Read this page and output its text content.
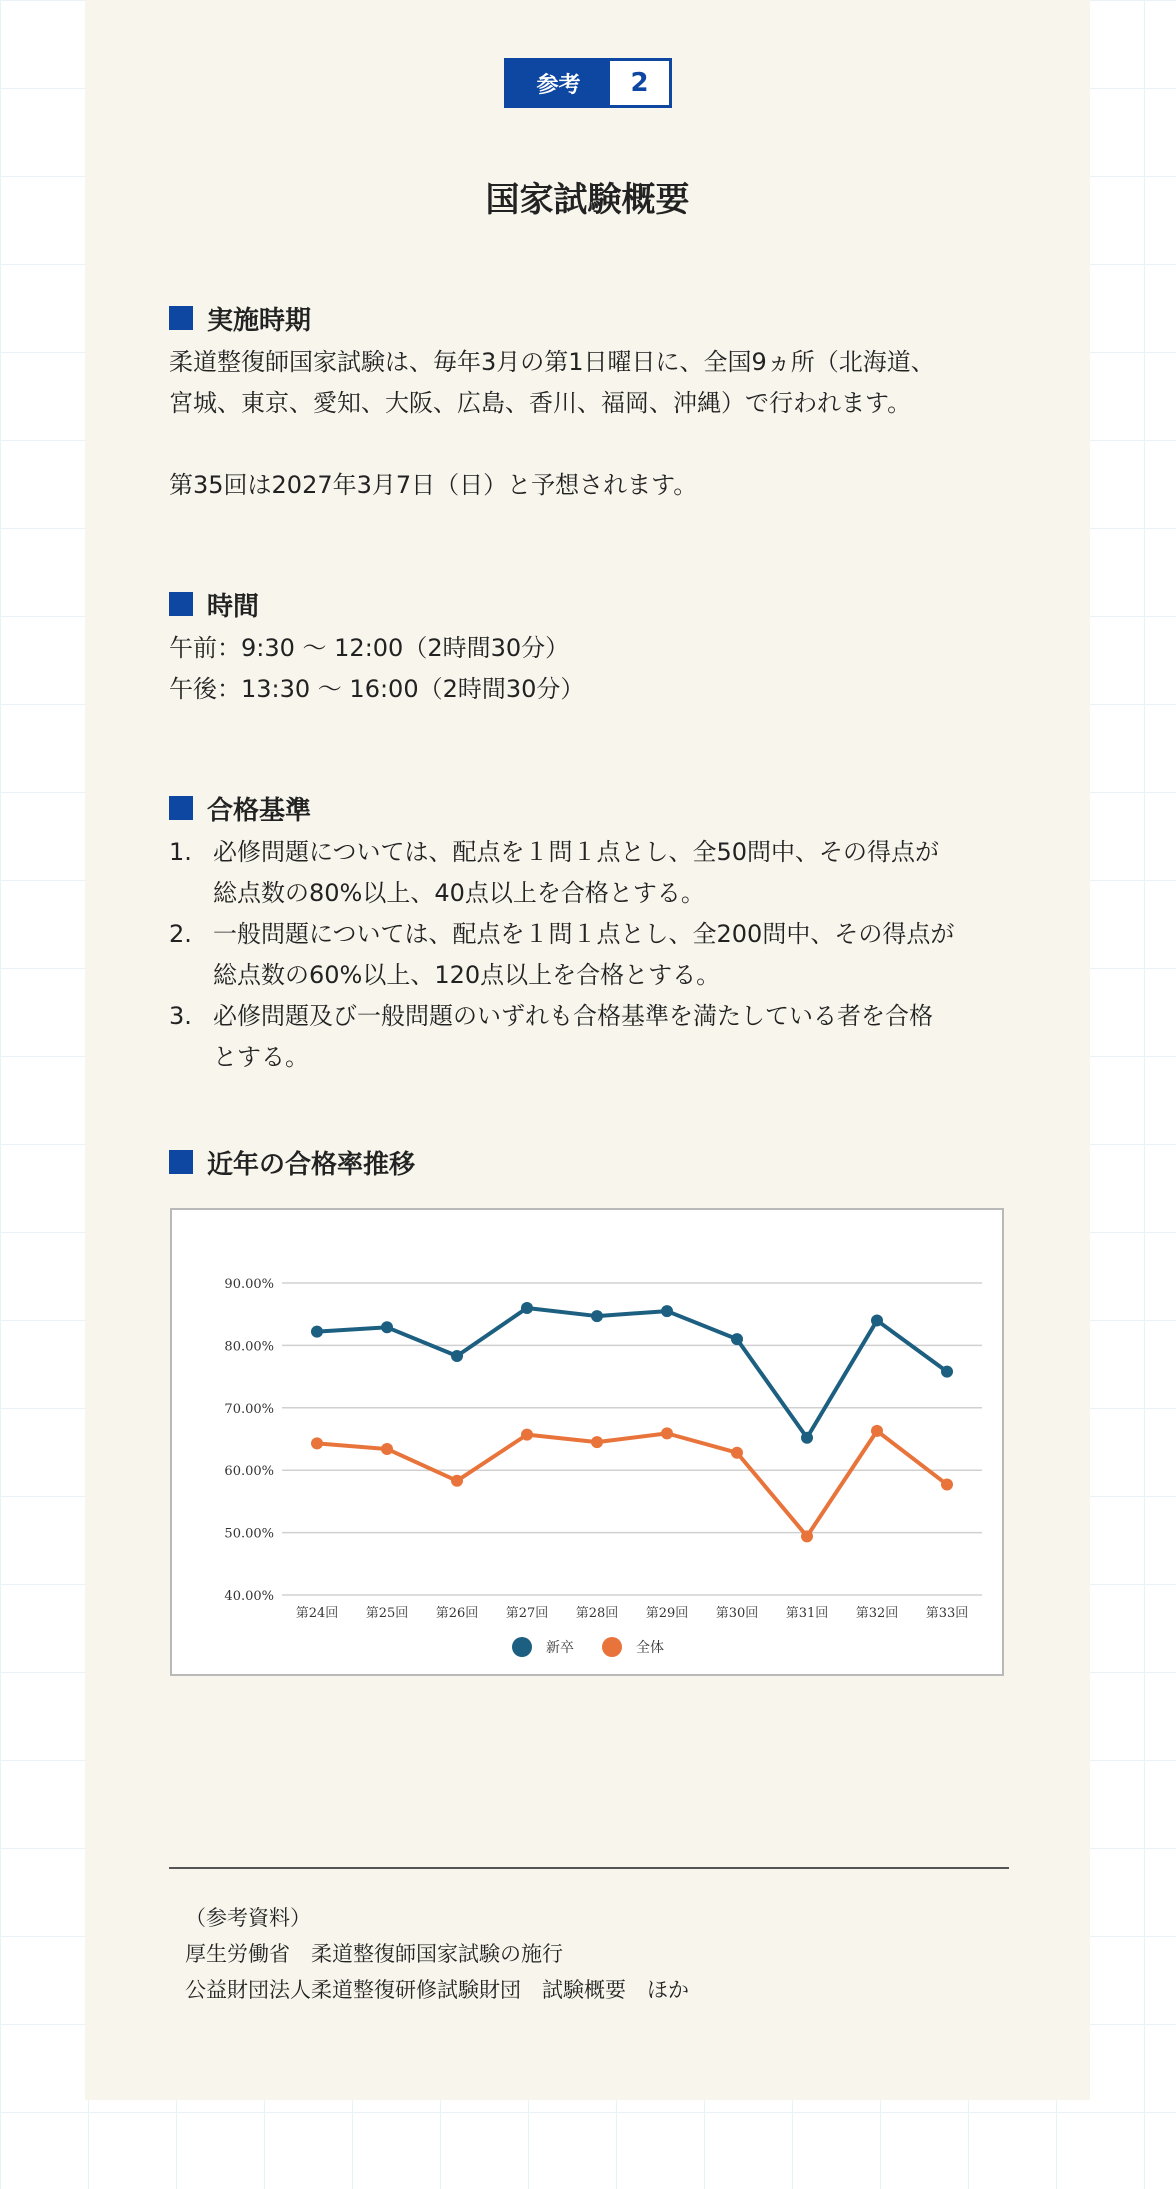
参考	2
国家試験概要
実施時期

柔道整復師国家試験は、毎年3月の第1日曜日に、全国9ヵ所（北海道、

宮城、東京、愛知、大阪、広島、香川、福岡、沖縄）で行われます。

第35回は2027年3月7日（日）と予想されます。

時間

午前：9:30 ～ 12:00（2時間30分）

午後：13:30 ～ 16:00（2時間30分）

合格基準
1. 必修問題については、配点を１問１点とし、全50問中、その得点が
総点数の80%以上、40点以上を合格とする。
2. 一般問題については、配点を１問１点とし、全200問中、その得点が
総点数の60%以上、120点以上を合格とする。
3. 必修問題及び一般問題のいずれも合格基準を満たしている者を合格
とする。
近年の合格率推移
90.00%
80.00%
70.00%
60.00%
50.00%
40.00%
第24回 第25回 第26回 第27回 第28回 第29回 第30回 第31回 第32回 第33回
新卒	全体

（参考資料）

厚生労働省　柔道整復師国家試験の施行

公益財団法人柔道整復研修試験財団　試験概要　ほか
